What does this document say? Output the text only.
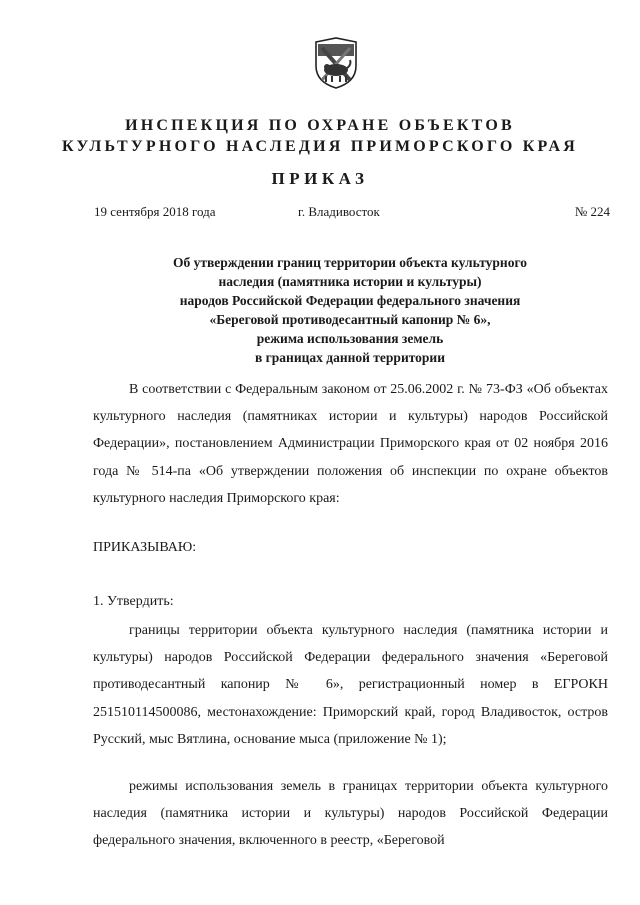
ИНСПЕКЦИЯ ПО ОХРАНЕ ОБЪЕКТОВ
КУЛЬТУРНОГО НАСЛЕДИЯ ПРИМОРСКОГО КРАЯ
ПРИКАЗ
19 сентября 2018 года	г. Владивосток	№ 224
Об утверждении границ территории объекта культурного
наследия (памятника истории и культуры)
народов Российской Федерации федерального значения
«Береговой противодесантный капонир № 6»,
режима использования земель
в границах данной территории
В соответствии с Федеральным законом от 25.06.2002 г. № 73-ФЗ «Об объектах культурного наследия (памятниках истории и культуры) народов Российской Федерации», постановлением Администрации Приморского края от 02 ноября 2016 года № 514-па «Об утверждении положения об инспекции по охране объектов культурного наследия Приморского края:
ПРИКАЗЫВАЮ:
1. Утвердить:
границы территории объекта культурного наследия (памятника истории и культуры) народов Российской Федерации федерального значения «Береговой противодесантный капонир № 6», регистрационный номер в ЕГРОКН 251510114500086, местонахождение: Приморский край, город Владивосток, остров Русский, мыс Вятлина, основание мыса (приложение № 1);
режимы использования земель в границах территории объекта культурного наследия (памятника истории и культуры) народов Российской Федерации федерального значения, включенного в реестр, «Береговой
